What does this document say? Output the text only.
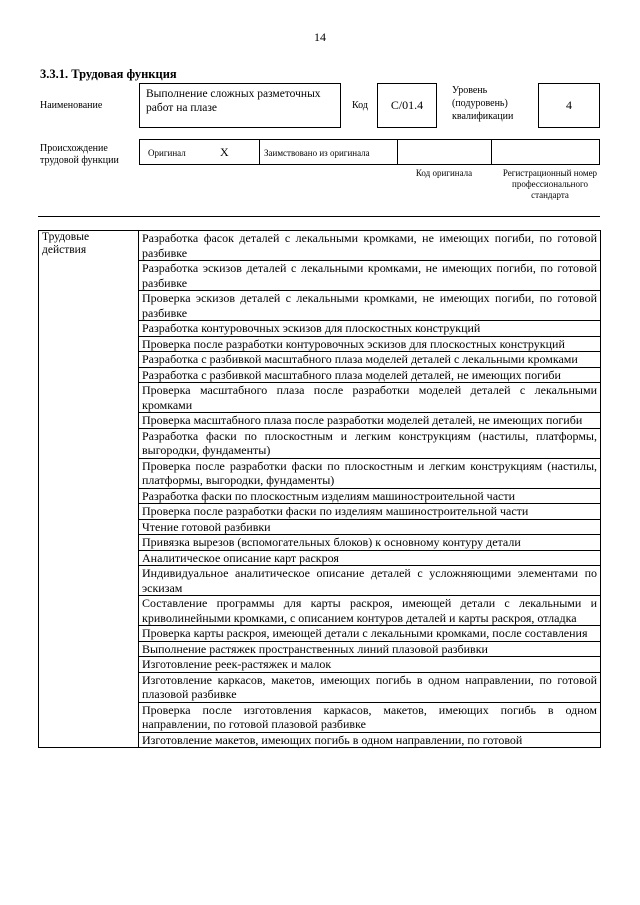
14
3.3.1. Трудовая функция
Наименование
Выполнение сложных разметочных работ на плазе	Код	С/01.4
Уровень (подуровень) квалификации
4
Происхождение трудовой функции
Оригинал	X	Заимствовано из оригинала
Код оригинала	Регистрационный номер профессионального стандарта
Трудовые действия	Разработка фасок деталей с лекальными кромками, не имеющих погиби, по готовой разбивке
Разработка эскизов деталей с лекальными кромками, не имеющих погиби, по готовой разбивке
Проверка эскизов деталей с лекальными кромками, не имеющих погиби, по готовой разбивке
Разработка контуровочных эскизов для плоскостных конструкций
Проверка после разработки контуровочных эскизов для плоскостных конструкций
Разработка с разбивкой масштабного плаза моделей деталей с лекальными кромками
Разработка с разбивкой масштабного плаза моделей деталей, не имеющих погиби
Проверка масштабного плаза после разработки моделей деталей с лекальными кромками
Проверка масштабного плаза после разработки моделей деталей, не имеющих погиби
Разработка фаски по плоскостным и легким конструкциям (настилы, платформы, выгородки, фундаменты)
Проверка после разработки фаски по плоскостным и легким конструкциям (настилы, платформы, выгородки, фундаменты)
Разработка фаски по плоскостным изделиям машиностроительной части
Проверка после разработки фаски по изделиям машиностроительной части
Чтение готовой разбивки
Привязка вырезов (вспомогательных блоков) к основному контуру детали
Аналитическое описание карт раскроя
Индивидуальное аналитическое описание деталей с усложняющими элементами по эскизам
Составление программы для карты раскроя, имеющей детали с лекальными и криволинейными кромками, с описанием контуров деталей и карты раскроя, отладка
Проверка карты раскроя, имеющей детали с лекальными кромками, после составления
Выполнение растяжек пространственных линий плазовой разбивки
Изготовление реек-растяжек и малок
Изготовление каркасов, макетов, имеющих погибь в одном направлении, по готовой плазовой разбивке
Проверка после изготовления каркасов, макетов, имеющих погибь в одном направлении, по готовой плазовой разбивке
Изготовление макетов, имеющих погибь в одном направлении, по готовой
